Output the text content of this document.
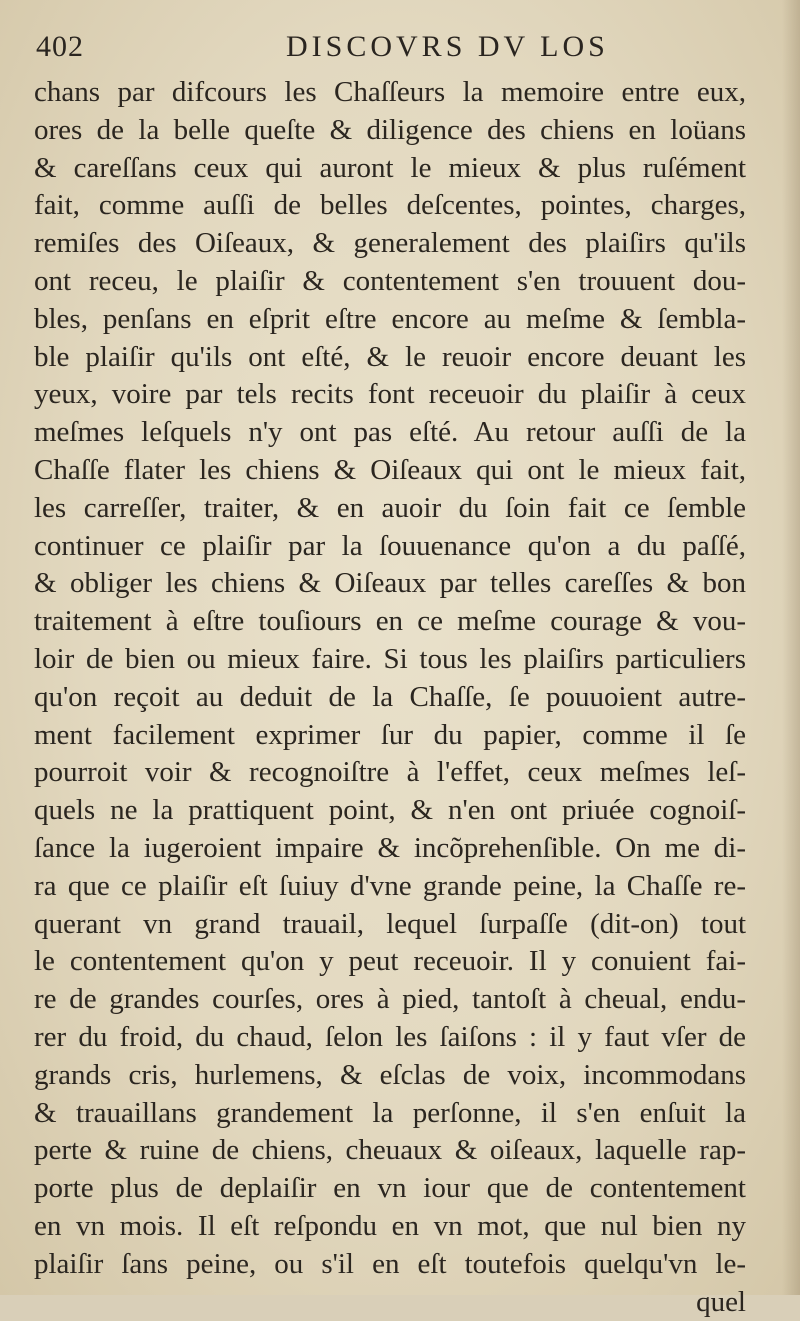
402	DISCOVRS DV LOS
chans par difcours les Chaſſeurs la memoire entre eux,
ores de la belle queſte & diligence des chiens en loüans
& careſſans ceux qui auront le mieux & plus ruſément
fait, comme auſſi de belles deſcentes, pointes, charges,
remiſes des Oiſeaux, & generalement des plaiſirs qu'ils
ont receu, le plaiſir & contentement s'en trouuent dou-
bles, penſans en eſprit eſtre encore au meſme & ſembla-
ble plaiſir qu'ils ont eſté, & le reuoir encore deuant les
yeux, voire par tels recits font receuoir du plaiſir à ceux
meſmes leſquels n'y ont pas eſté. Au retour auſſi de la
Chaſſe flater les chiens & Oiſeaux qui ont le mieux fait,
les carreſſer, traiter, & en auoir du ſoin fait ce ſemble
continuer ce plaiſir par la ſouuenance qu'on a du paſſé,
& obliger les chiens & Oiſeaux par telles careſſes & bon
traitement à eſtre touſiours en ce meſme courage & vou-
loir de bien ou mieux faire. Si tous les plaiſirs particuliers
qu'on reçoit au deduit de la Chaſſe, ſe pouuoient autre-
ment facilement exprimer ſur du papier, comme il ſe
pourroit voir & recognoiſtre à l'effet, ceux meſmes leſ-
quels ne la prattiquent point, & n'en ont priuée cognoiſ-
ſance la iugeroient impaire & incõprehenſible. On me di-
ra que ce plaiſir eſt ſuiuy d'vne grande peine, la Chaſſe re-
querant vn grand trauail, lequel ſurpaſſe (dit-on) tout
le contentement qu'on y peut receuoir. Il y conuient fai-
re de grandes courſes, ores à pied, tantoſt à cheual, endu-
rer du froid, du chaud, ſelon les ſaiſons : il y faut vſer de
grands cris, hurlemens, & eſclas de voix, incommodans
& trauaillans grandement la perſonne, il s'en enſuit la
perte & ruine de chiens, cheuaux & oiſeaux, laquelle rap-
porte plus de deplaiſir en vn iour que de contentement
en vn mois. Il eſt reſpondu en vn mot, que nul bien ny
plaiſir ſans peine, ou s'il en eſt toutefois quelqu'vn le-
quel
